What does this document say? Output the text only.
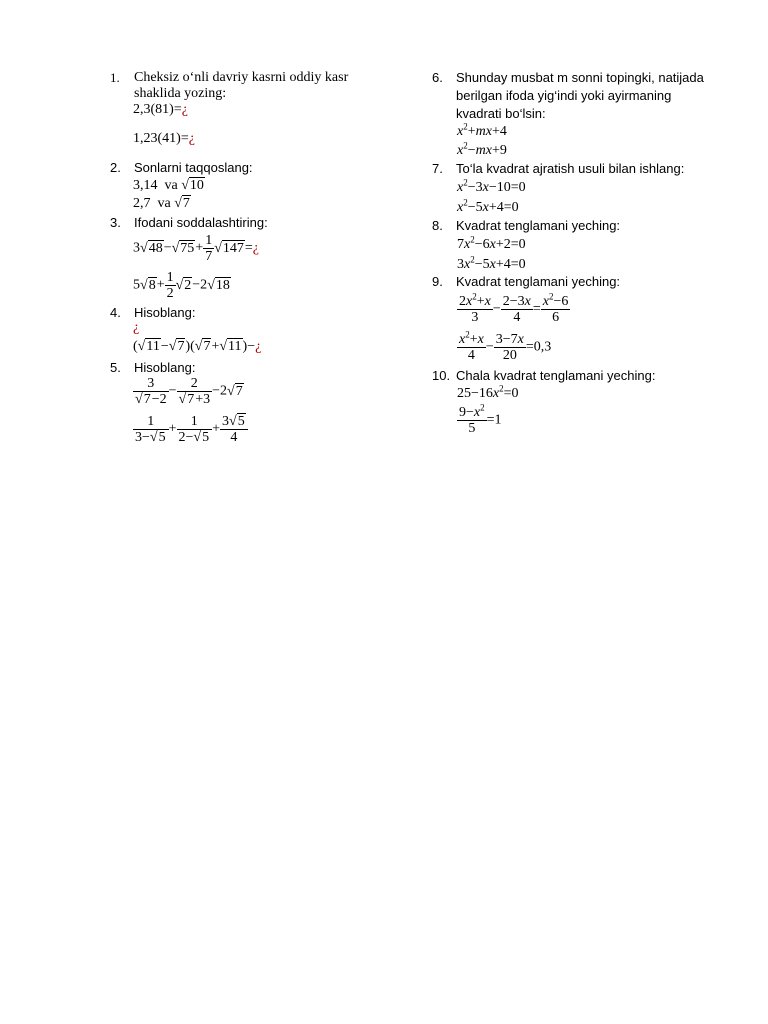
1. Cheksiz o‘nli davriy kasrni oddiy kasr
shaklida yozing:
2,3(81)=¿
1,23(41)=¿
2. Sonlarni taqqoslang:
3,14 va √10
2,7 va √7
3. Ifodani soddalashtiring:
$3√48-√75+ \frac{1}{7}$ √147=¿
$5√8+ \frac{1}{2} √2-2√18$
4. Hisoblang:
¿
(√11−√7)(√7+√11)−¿
5. Hisoblang:
$\frac{3}{√7-2} - \frac{2}{√7+3} -2√7$
$\frac{1}{3-√5} + \frac{1}{2-√5} + \frac{3√5}{4}$
6. Shunday musbat m sonni topingki, natijada
berilgan ifoda yig‘indi yoki ayirmaning
kvadrati bo‘lsin:
$x^2+mx+4$
$x^2-mx+9$
7. To‘la kvadrat ajratish usuli bilan ishlang:
$x^2-3x-10=0$
$x^2-5x+4=0$
8. Kvadrat tenglamani yeching:
$7x^2-6x+2=0$
$3x^2-5x+4=0$
9. Kvadrat tenglamani yeching:
$\frac{2x^2+x}{3} - \frac{2-3x}{4} = \frac{x^2-6}{6}$
$\frac{x^2+x}{4} - \frac{3-7x}{20} =0,3$
10. Chala kvadrat tenglamani yeching:
$25-16x^2=0$
$\frac{9-x^2}{5} =1$
